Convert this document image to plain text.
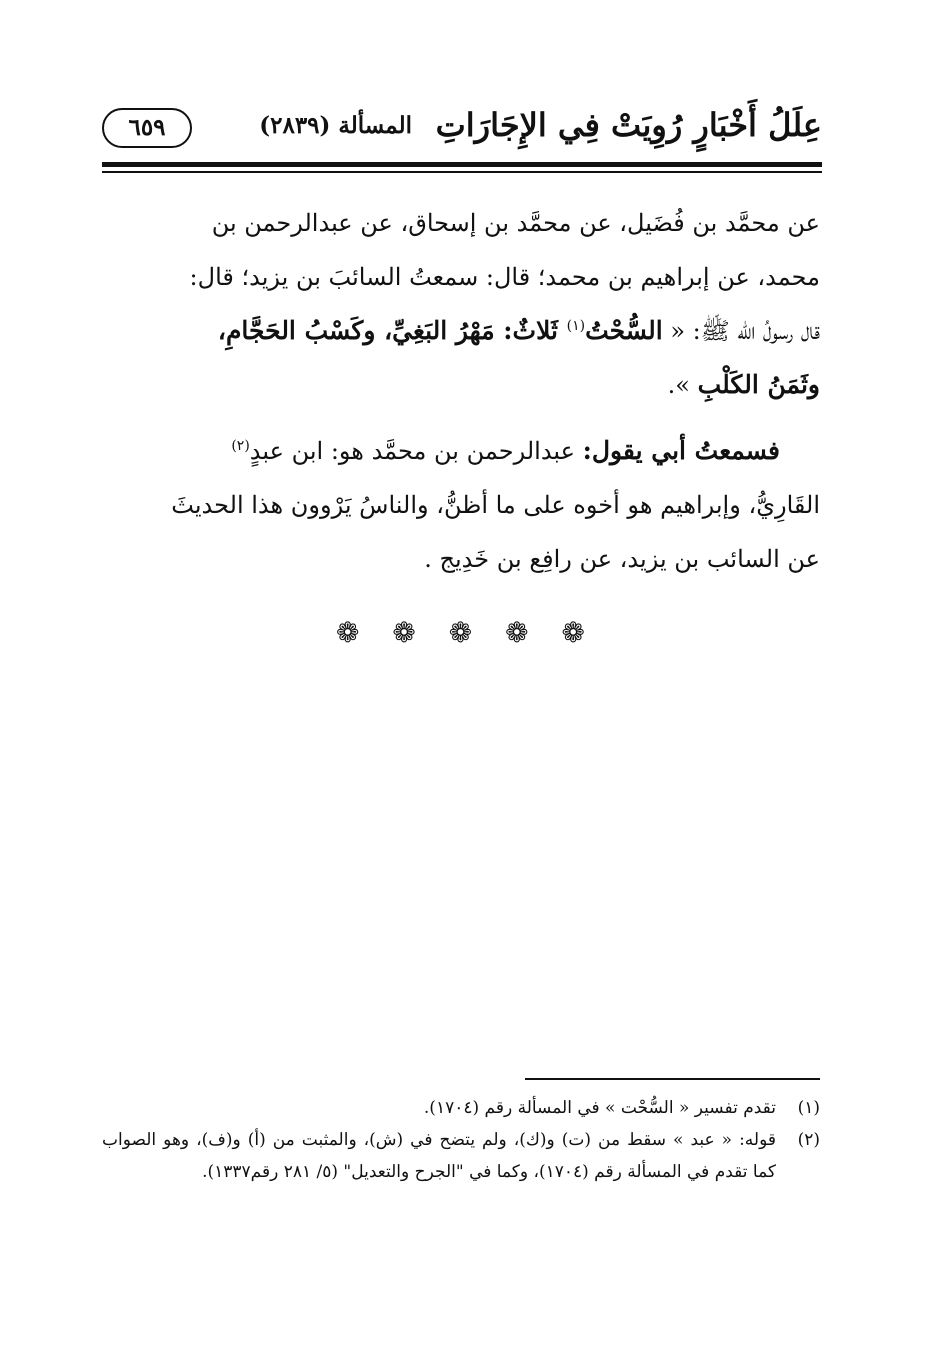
عِلَلُ أَخْبَارٍ رُوِيَتْ فِي الإِجَارَاتِ
المسألة (٢٨٣٩)
٦٥٩

عن محمَّد بن فُضَيل، عن محمَّد بن إسحاق، عن عبدالرحمن بن
محمد، عن إبراهيم بن محمد؛ قال: سمعتُ السائبَ بن يزيد؛ قال:
قال رسولُ الله ﷺ: « السُّحْتُ$^{(١)}$ ثَلاثٌ: مَهْرُ البَغِيِّ، وكَسْبُ الحَجَّامِ،
وثَمَنُ الكَلْبِ ».

فسمعتُ أبي يقول: عبدالرحمن بن محمَّد هو: ابن عبدٍ$^{(٢)}$
القَارِيُّ، وإبراهيم هو أخوه على ما أظنُّ، والناسُ يَرْوون هذا الحديثَ
عن السائب بن يزيد، عن رافِع بن خَدِيج .

❁ ❁ ❁ ❁ ❁

(١)
تقدم تفسير « السُّحْت » في المسألة رقم (١٧٠٤).

(٢)
قوله: « عبد » سقط من (ت) و(ك)، ولم يتضح في (ش)، والمثبت من (أ) و(ف)، وهو الصواب كما تقدم في المسألة رقم (١٧٠٤)، وكما في "الجرح والتعديل" (٥/ ٢٨١ رقم١٣٣٧).
